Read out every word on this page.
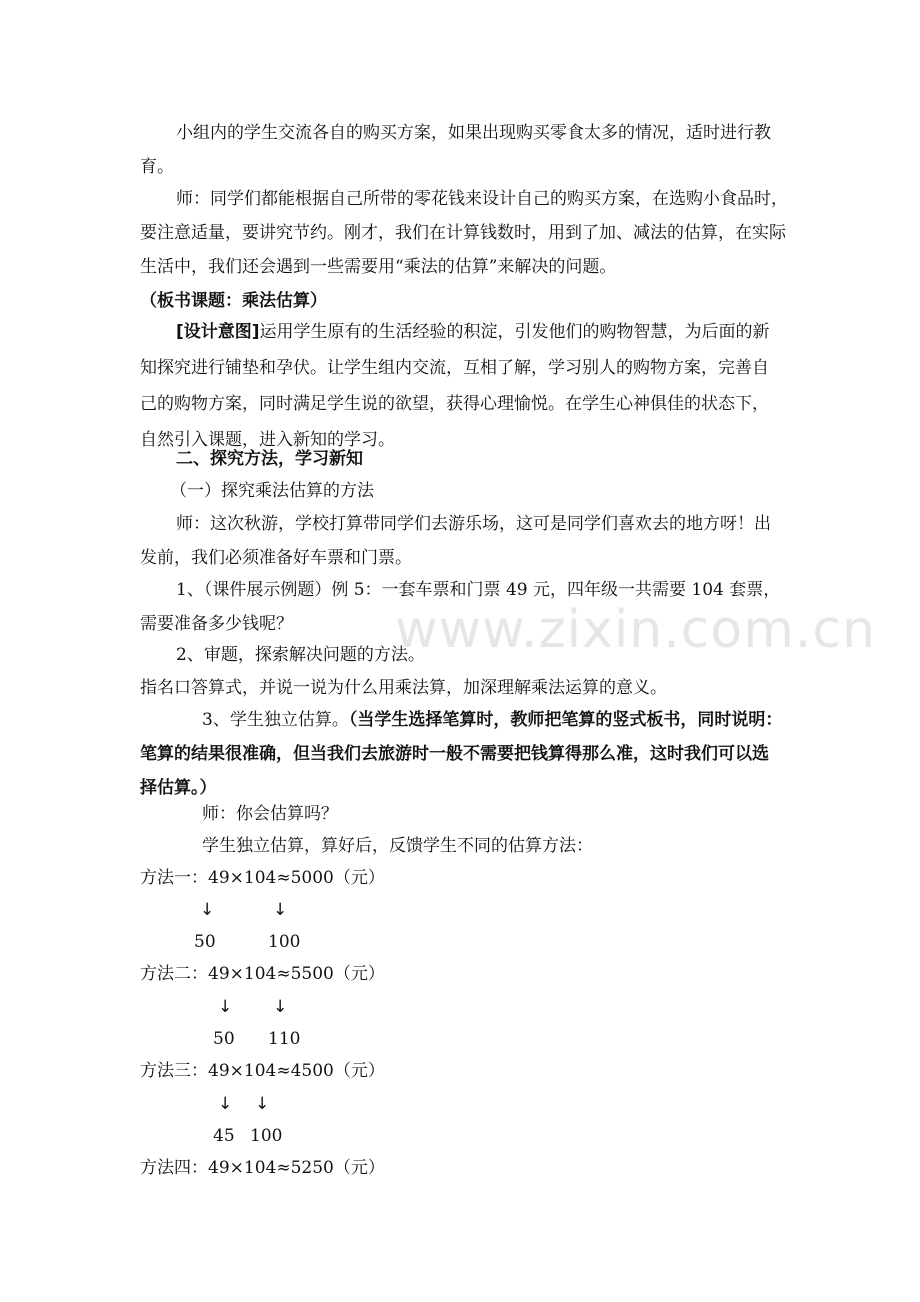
小组内的学生交流各自的购买方案，如果出现购买零食太多的情况，适时进行教育。

师：同学们都能根据自己所带的零花钱来设计自己的购买方案，在选购小食品时，要注意适量，要讲究节约。刚才，我们在计算钱数时，用到了加、减法的估算，在实际生活中，我们还会遇到一些需要用“乘法的估算”来解决的问题。（板书课题：乘法估算）

[设计意图]运用学生原有的生活经验的积淀，引发他们的购物智慧，为后面的新知探究进行铺垫和孕伏。让学生组内交流，互相了解，学习别人的购物方案，完善自己的购物方案，同时满足学生说的欲望，获得心理愉悦。在学生心神俱佳的状态下，自然引入课题，进入新知的学习。

二、探究方法，学习新知
（一）探究乘法估算的方法

师：这次秋游，学校打算带同学们去游乐场，这可是同学们喜欢去的地方呀！出发前，我们必须准备好车票和门票。

1、（课件展示例题）例 5：一套车票和门票 49 元，四年级一共需要 104 套票，需要准备多少钱呢？

2、审题，探索解决问题的方法。
指名口答算式，并说一说为什么用乘法算，加深理解乘法运算的意义。

3、学生独立估算。（当学生选择笔算时，教师把笔算的竖式板书，同时说明：笔算的结果很准确，但当我们去旅游时一般不需要把钱算得那么准，这时我们可以选择估算。）

师：你会估算吗？
学生独立估算，算好后，反馈学生不同的估算方法：
方法一：49×104≈5000（元）
↓	↓
50	100
方法二：49×104≈5500（元）
↓ ↓
50 110
方法三：49×104≈4500（元）
↓ ↓
45 100
方法四：49×104≈5250（元）
www.zixin.com.cn
